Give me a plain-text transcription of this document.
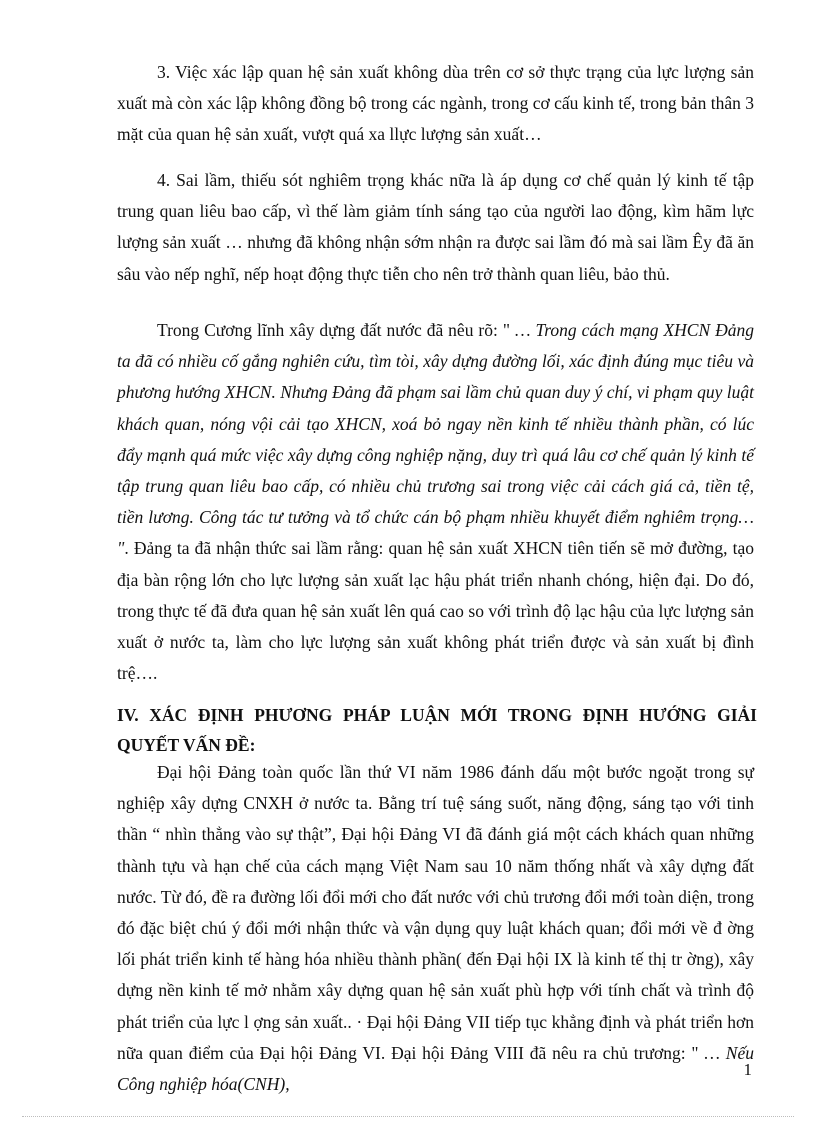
3. Việc xác lập quan hệ sản xuất không dùa trên cơ sở thực trạng của lực lượng sản xuất mà còn xác lập không đồng bộ trong các ngành, trong cơ cấu kinh tế, trong bản thân 3 mặt của quan hệ sản xuất, vượt quá xa llực lượng sản xuất…

4. Sai lầm, thiếu sót nghiêm trọng khác nữa là áp dụng cơ chế quản lý kinh tế tập trung quan liêu bao cấp, vì thế làm giảm tính sáng tạo của người lao động, kìm hãm lực lượng sản xuất … nhưng đã không nhận sớm nhận ra được sai lầm đó mà sai lầm Êy đã ăn sâu vào nếp nghĩ, nếp hoạt động thực tiễn cho nên trở thành quan liêu, bảo thủ.

Trong Cương lĩnh xây dựng đất nước đã nêu rõ: " … Trong cách mạng XHCN Đảng ta đã có nhiều cố gắng nghiên cứu, tìm tòi, xây dựng đường lối, xác định đúng mục tiêu và phương hướng XHCN. Nhưng Đảng đã phạm sai lầm chủ quan duy ý chí, vi phạm quy luật khách quan, nóng vội cải tạo XHCN, xoá bỏ ngay nền kinh tế nhiều thành phần, có lúc đẩy mạnh quá mức việc xây dựng công nghiệp nặng, duy trì quá lâu cơ chế quản lý kinh tế tập trung quan liêu bao cấp, có nhiều chủ trương sai trong việc cải cách giá cả, tiền tệ, tiền lương. Công tác tư tưởng và tổ chức cán bộ phạm nhiều khuyết điểm nghiêm trọng… ". Đảng ta đã nhận thức sai lầm rằng: quan hệ sản xuất XHCN tiên tiến sẽ mở đường, tạo địa bàn rộng lớn cho lực lượng sản xuất lạc hậu phát triển nhanh chóng, hiện đại. Do đó, trong thực tế đã đưa quan hệ sản xuất lên quá cao so với trình độ lạc hậu của lực lượng sản xuất ở nước ta, làm cho lực lượng sản xuất không phát triển được và sản xuất bị đình trệ….

IV. XÁC ĐỊNH PHƯƠNG PHÁP LUẬN MỚI TRONG ĐỊNH HƯỚNG GIẢI QUYẾT VẤN ĐỀ:

Đại hội Đảng toàn quốc lần thứ VI năm 1986 đánh dấu một bước ngoặt trong sự nghiệp xây dựng CNXH ở nước ta. Bằng trí tuệ sáng suốt, năng động, sáng tạo với tinh thần “ nhìn thẳng vào sự thật”, Đại hội Đảng VI đã đánh giá một cách khách quan những thành tựu và hạn chế của cách mạng Việt Nam sau 10 năm thống nhất và xây dựng đất nước. Từ đó, đề ra đường lối đổi mới cho đất nước với chủ trương đổi mới toàn diện, trong đó đặc biệt chú ý đổi mới nhận thức và vận dụng quy luật khách quan; đổi mới về đ ờng lối phát triển kinh tế hàng hóa nhiều thành phần( đến Đại hội IX là kinh tế thị tr ờng), xây dựng nền kinh tế mở nhằm xây dựng quan hệ sản xuất phù hợp với tính chất và trình độ phát triển của lực l ợng sản xuất.. · Đại hội Đảng VII tiếp tục khẳng định và phát triển hơn nữa quan điểm của Đại hội Đảng VI. Đại hội Đảng VIII đã nêu ra chủ trương: " … Nếu Công nghiệp hóa(CNH),

1
